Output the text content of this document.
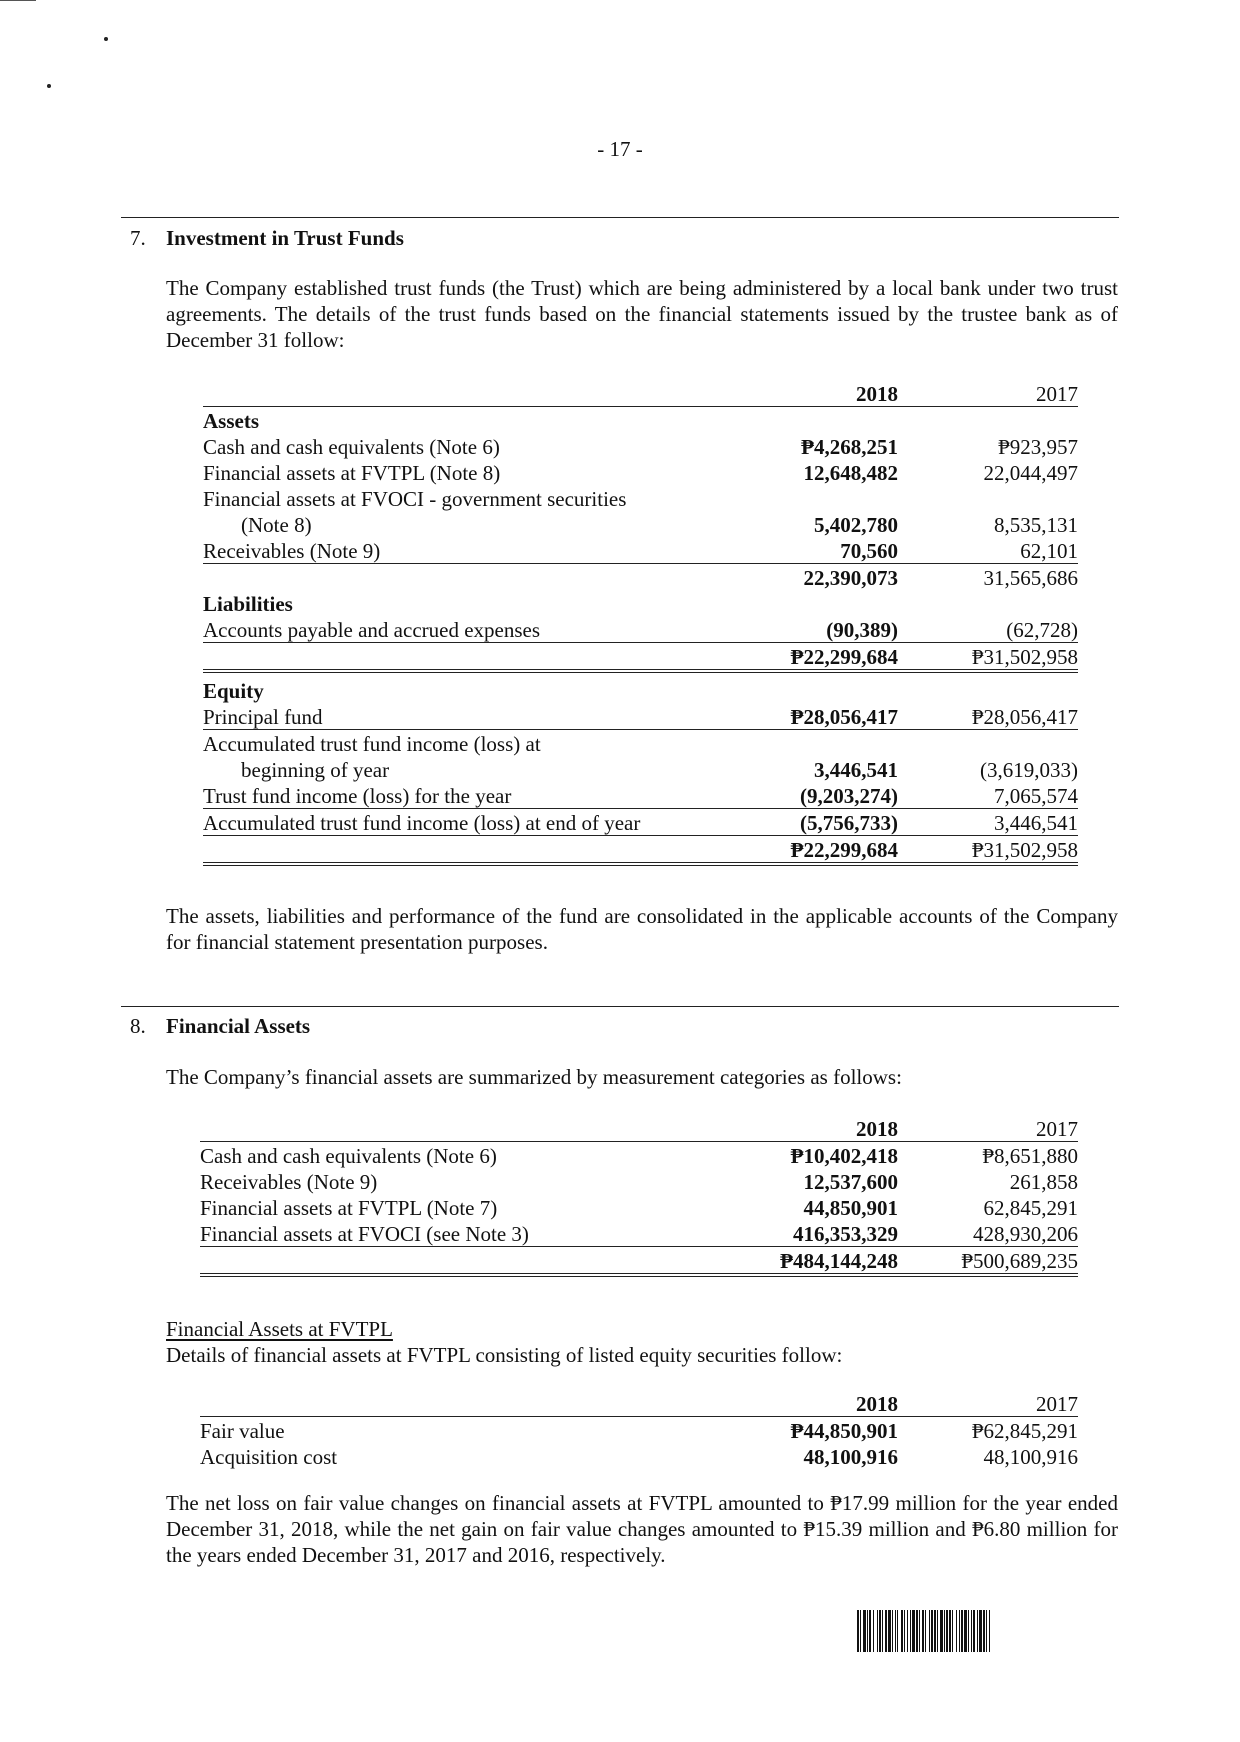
- 17 -
7. Investment in Trust Funds
The Company established trust funds (the Trust) which are being administered by a local bank under two trust agreements. The details of the trust funds based on the financial statements issued by the trustee bank as of December 31 follow:
	2018		2017
Assets			
Cash and cash equivalents (Note 6)	₱4,268,251		₱923,957
Financial assets at FVTPL (Note 8)	12,648,482		22,044,497
Financial assets at FVOCI - government securities			
(Note 8)	5,402,780		8,535,131
Receivables (Note 9)	70,560		62,101
	22,390,073		31,565,686
Liabilities			
Accounts payable and accrued expenses	(90,389)		(62,728)
	₱22,299,684		₱31,502,958
Equity			
Principal fund	₱28,056,417		₱28,056,417
Accumulated trust fund income (loss) at			
beginning of year	3,446,541		(3,619,033)
Trust fund income (loss) for the year	(9,203,274)		7,065,574
Accumulated trust fund income (loss) at end of year	(5,756,733)		3,446,541
	₱22,299,684		₱31,502,958
The assets, liabilities and performance of the fund are consolidated in the applicable accounts of the Company for financial statement presentation purposes.
8. Financial Assets
The Company’s financial assets are summarized by measurement categories as follows:
	2018		2017
Cash and cash equivalents (Note 6)	₱10,402,418		₱8,651,880
Receivables (Note 9)	12,537,600		261,858
Financial assets at FVTPL (Note 7)	44,850,901		62,845,291
Financial assets at FVOCI (see Note 3)	416,353,329		428,930,206
	₱484,144,248		₱500,689,235
Financial Assets at FVTPL
Details of financial assets at FVTPL consisting of listed equity securities follow:
	2018		2017
Fair value	₱44,850,901		₱62,845,291
Acquisition cost	48,100,916		48,100,916
The net loss on fair value changes on financial assets at FVTPL amounted to ₱17.99 million for the year ended December 31, 2018, while the net gain on fair value changes amounted to ₱15.39 million and ₱6.80 million for the years ended December 31, 2017 and 2016, respectively.
